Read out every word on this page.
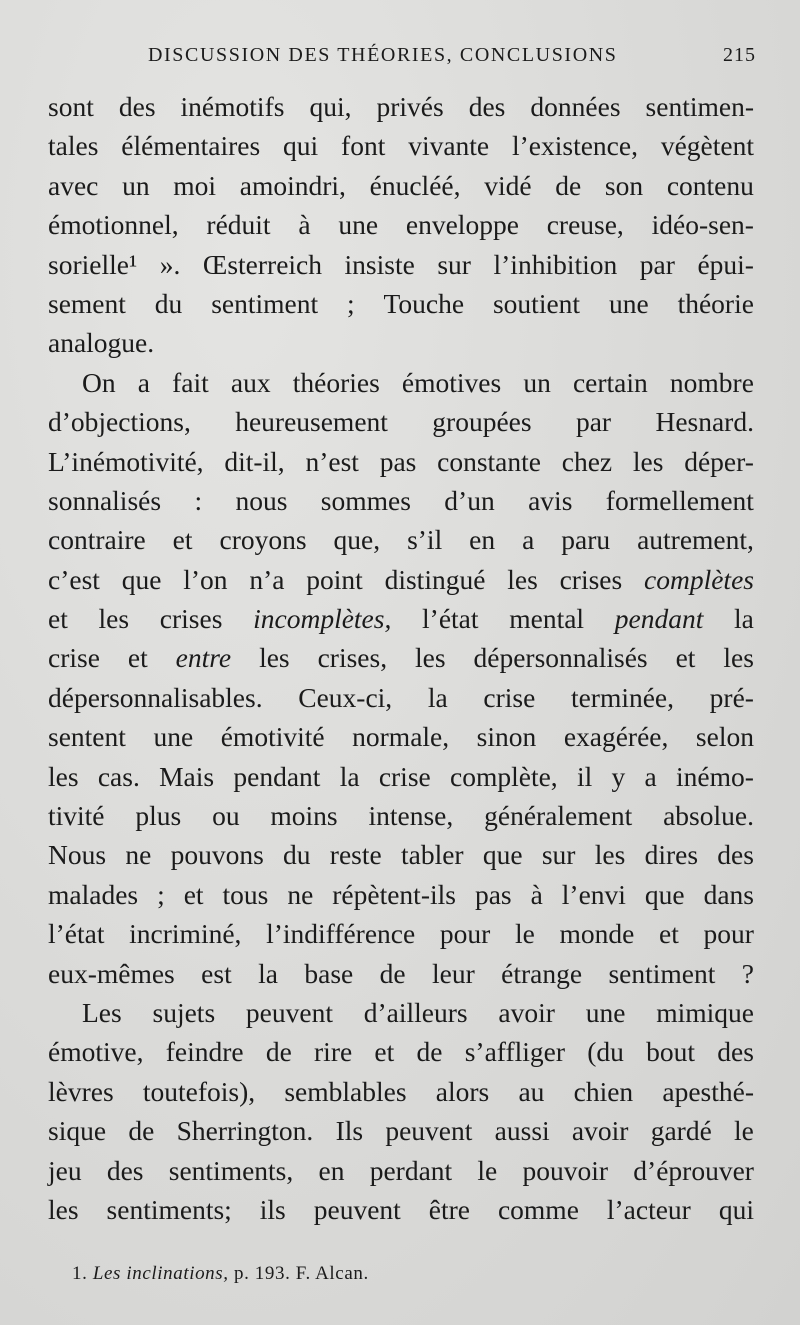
DISCUSSION DES THÉORIES, CONCLUSIONS	215
sont des inémotifs qui, privés des données sentimen-
tales élémentaires qui font vivante l’existence, végètent
avec un moi amoindri, énucléé, vidé de son contenu
émotionnel, réduit à une enveloppe creuse, idéo-sen-
sorielle¹ ». Œsterreich insiste sur l’inhibition par épui-
sement du sentiment ; Touche soutient une théorie
analogue.
On a fait aux théories émotives un certain nombre
d’objections, heureusement groupées par Hesnard.
L’inémotivité, dit-il, n’est pas constante chez les déper-
sonnalisés : nous sommes d’un avis formellement
contraire et croyons que, s’il en a paru autrement,
c’est que l’on n’a point distingué les crises complètes
et les crises incomplètes, l’état mental pendant la
crise et entre les crises, les dépersonnalisés et les
dépersonnalisables. Ceux-ci, la crise terminée, pré-
sentent une émotivité normale, sinon exagérée, selon
les cas. Mais pendant la crise complète, il y a inémo-
tivité plus ou moins intense, généralement absolue.
Nous ne pouvons du reste tabler que sur les dires des
malades ; et tous ne répètent-ils pas à l’envi que dans
l’état incriminé, l’indifférence pour le monde et pour
eux-mêmes est la base de leur étrange sentiment ?
Les sujets peuvent d’ailleurs avoir une mimique
émotive, feindre de rire et de s’affliger (du bout des
lèvres toutefois), semblables alors au chien apesthé-
sique de Sherrington. Ils peuvent aussi avoir gardé le
jeu des sentiments, en perdant le pouvoir d’éprouver
les sentiments; ils peuvent être comme l’acteur qui
1. Les inclinations, p. 193. F. Alcan.
